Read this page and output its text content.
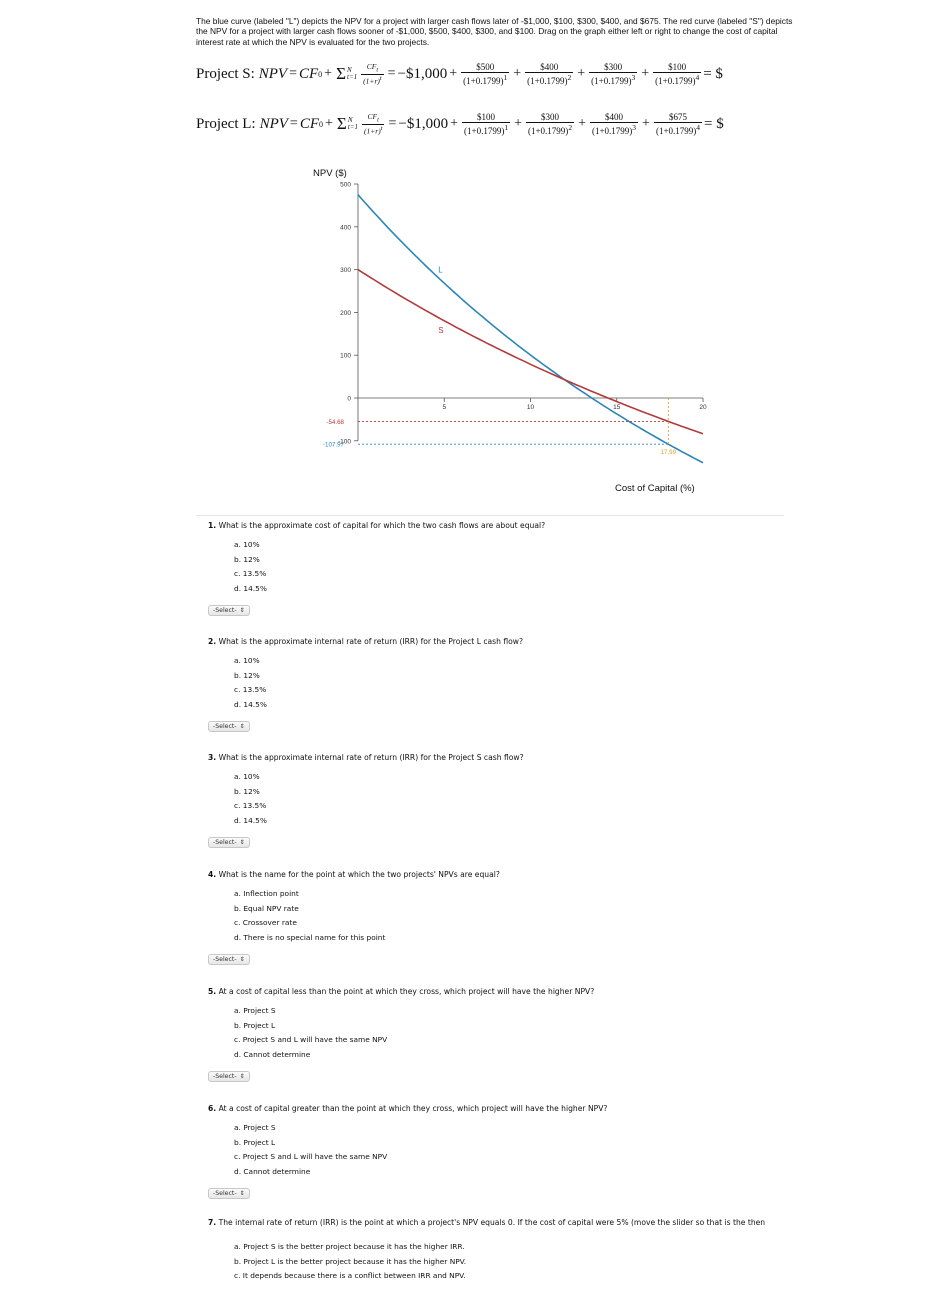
The blue curve (labeled "L") depicts the NPV for a project with larger cash flows later of -$1,000, $100, $300, $400, and $675. The red curve (labeled "S") depicts the NPV for a project with larger cash flows sooner of -$1,000, $500, $400, $300, and $100. Drag on the graph either left or right to change the cost of capital interest rate at which the NPV is evaluated for the two projects.
Project S: NPV = CF 0 + Σ N
$t=1 \frac{CF_t}{(1+r)^t}$ = −$1,000 + $\frac{\$500}{(1+0.1799)^1} + \frac{\$400}{(1+0.1799)^2} + \frac{\$300}{(1+0.1799)^3} + \frac{\$100}{(1+0.1799)^4}$ = $
Project L: NPV = CF 0 + Σ N
$t=1 \frac{CF_t}{(1+r)^t}$ = −$1,000 + $\frac{\$100}{(1+0.1799)^1} + \frac{\$300}{(1+0.1799)^2} + \frac{\$400}{(1+0.1799)^3} + \frac{\$675}{(1+0.1799)^4}$ = $
NPV ($)
Cost of Capital (%)
-100
0
100
200
300
400
500
5	10	15	20
L
S
17.99
-54.68
-107.97
1. What is the approximate cost of capital for which the two cash flows are about equal?
a. 10%
b. 12%
c. 13.5%
d. 14.5%
-Select- ⇕
2. What is the approximate internal rate of return (IRR) for the Project L cash flow?
a. 10%
b. 12%
c. 13.5%
d. 14.5%
-Select- ⇕
3. What is the approximate internal rate of return (IRR) for the Project S cash flow?
a. 10%
b. 12%
c. 13.5%
d. 14.5%
-Select- ⇕
4. What is the name for the point at which the two projects' NPVs are equal?
a. Inflection point
b. Equal NPV rate
c. Crossover rate
d. There is no special name for this point
-Select- ⇕
5. At a cost of capital less than the point at which they cross, which project will have the higher NPV?
a. Project S
b. Project L
c. Project S and L will have the same NPV
d. Cannot determine
-Select- ⇕
6. At a cost of capital greater than the point at which they cross, which project will have the higher NPV?
a. Project S
b. Project L
c. Project S and L will have the same NPV
d. Cannot determine
-Select- ⇕
7. The internal rate of return (IRR) is the point at which a project's NPV equals 0. If the cost of capital were 5% (move the slider so that is the then
a. Project S is the better project because it has the higher IRR.
b. Project L is the better project because it has the higher NPV.
c. It depends because there is a conflict between IRR and NPV.
